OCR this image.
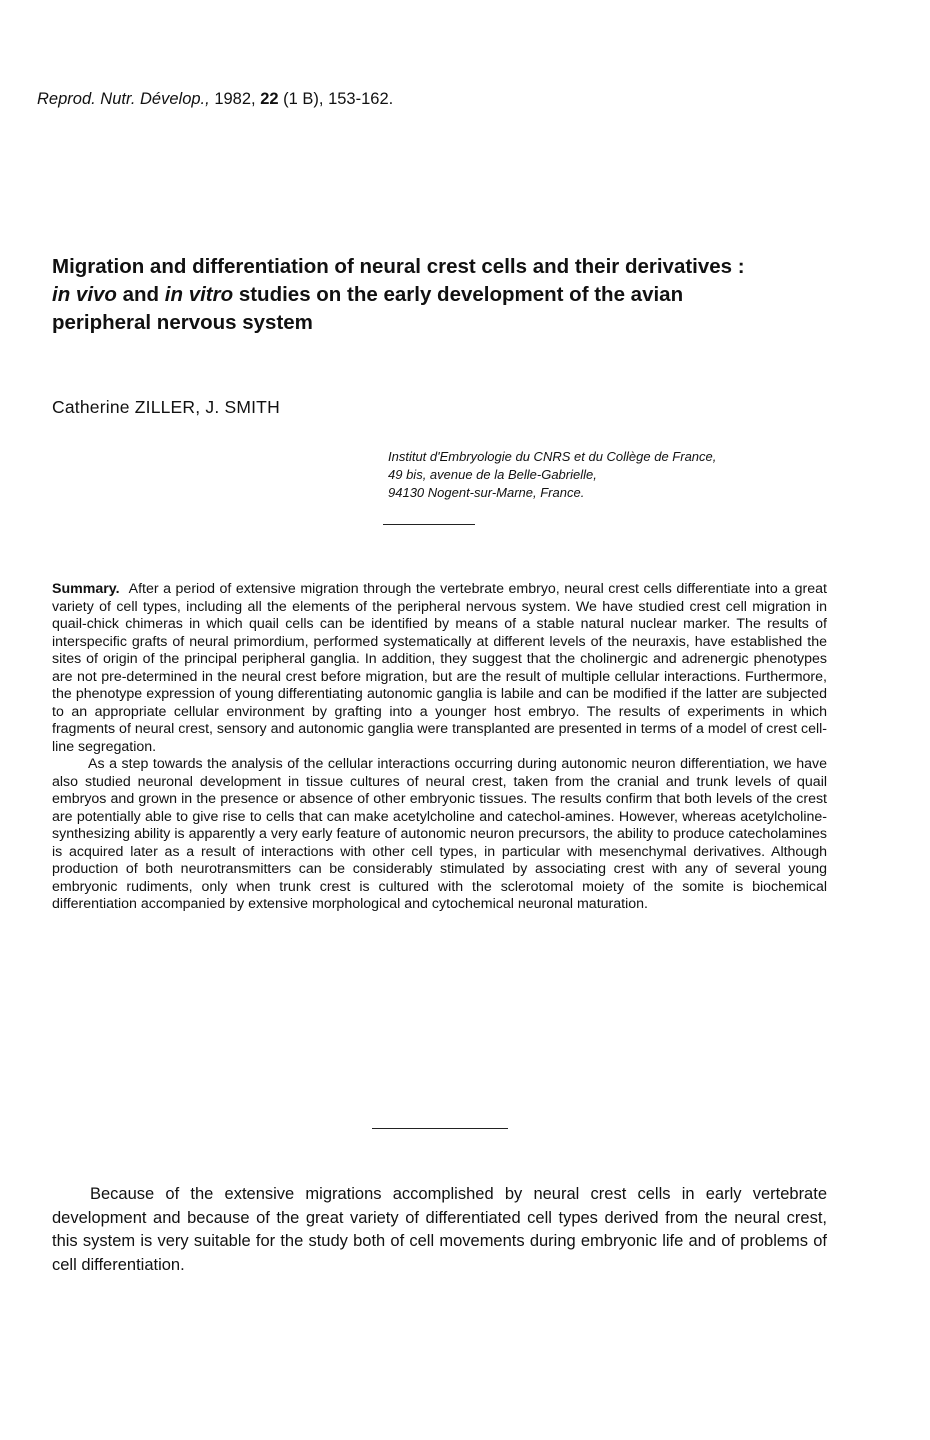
Reprod. Nutr. Dévelop., 1982, 22 (1 B), 153-162.
Migration and differentiation of neural crest cells and their derivatives : in vivo and in vitro studies on the early development of the avian peripheral nervous system
Catherine ZILLER, J. SMITH
Institut d'Embryologie du CNRS et du Collège de France,
49 bis, avenue de la Belle-Gabrielle,
94130 Nogent-sur-Marne, France.

Summary. After a period of extensive migration through the vertebrate embryo, neural crest cells differentiate into a great variety of cell types, including all the elements of the peripheral nervous system. We have studied crest cell migration in quail-chick chimeras in which quail cells can be identified by means of a stable natural nuclear marker. The results of interspecific grafts of neural primordium, performed systematically at different levels of the neuraxis, have established the sites of origin of the principal peripheral ganglia. In addition, they suggest that the cholinergic and adrenergic phenotypes are not pre-determined in the neural crest before migration, but are the result of multiple cellular interactions. Furthermore, the phenotype expression of young differentiating autonomic ganglia is labile and can be modified if the latter are subjected to an appropriate cellular environment by grafting into a younger host embryo. The results of experiments in which fragments of neural crest, sensory and autonomic ganglia were transplanted are presented in terms of a model of crest cell-line segregation.

As a step towards the analysis of the cellular interactions occurring during autonomic neuron differentiation, we have also studied neuronal development in tissue cultures of neural crest, taken from the cranial and trunk levels of quail embryos and grown in the presence or absence of other embryonic tissues. The results confirm that both levels of the crest are potentially able to give rise to cells that can make acetylcholine and catechol-amines. However, whereas acetylcholine-synthesizing ability is apparently a very early feature of autonomic neuron precursors, the ability to produce catecholamines is acquired later as a result of interactions with other cell types, in particular with mesenchymal derivatives. Although production of both neurotransmitters can be considerably stimulated by associating crest with any of several young embryonic rudiments, only when trunk crest is cultured with the sclerotomal moiety of the somite is biochemical differentiation accompanied by extensive morphological and cytochemical neuronal maturation.

Because of the extensive migrations accomplished by neural crest cells in early vertebrate development and because of the great variety of differentiated cell types derived from the neural crest, this system is very suitable for the study both of cell movements during embryonic life and of problems of cell differentiation.
